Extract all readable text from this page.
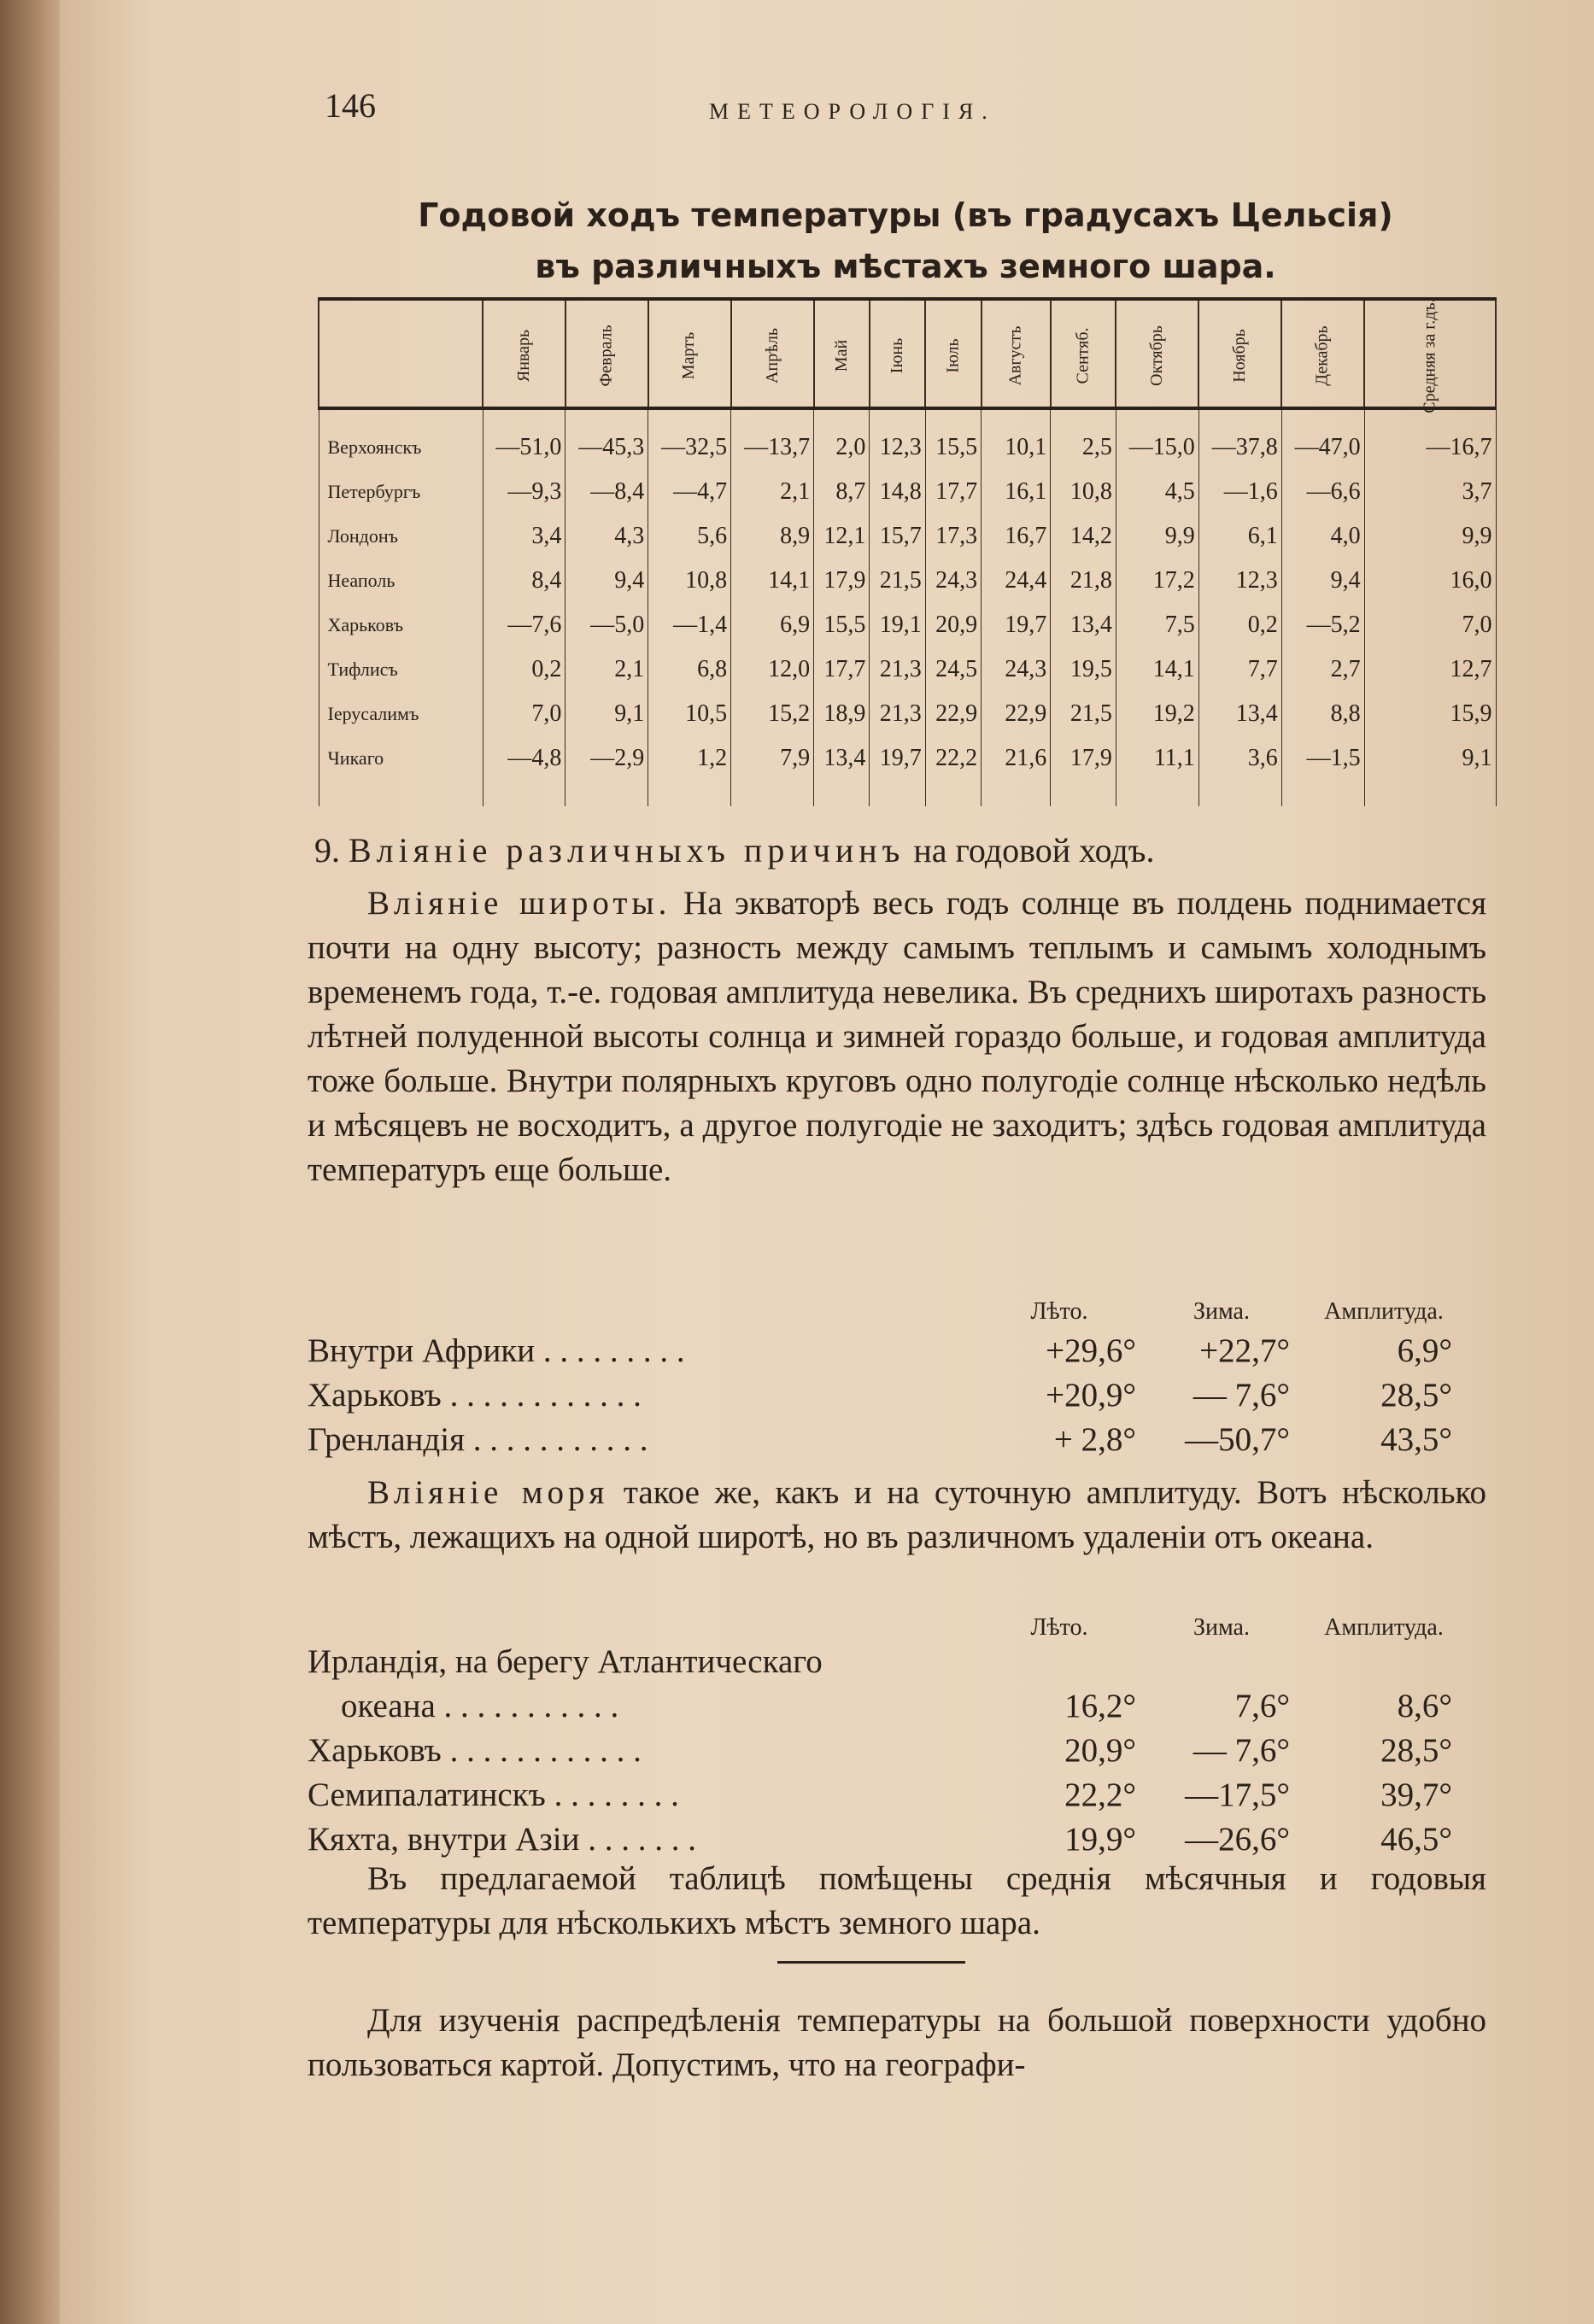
146	МЕТЕОРОЛОГІЯ.
Годовой ходъ температуры (въ градусахъ Цельсія)
въ различныхъ мѣстахъ земного шара.
	Январь	Февраль	Мартъ	Апрѣль	Май	Іюнь	Іюль	Августъ	Сентяб.	Октябрь	Ноябрь	Декабрь	Средняя за г.дъ.
Верхоянскъ	—51,0	—45,3	—32,5	—13,7	2,0	12,3	15,5	10,1	2,5	—15,0	—37,8	—47,0	—16,7
Петербургъ	—9,3	—8,4	—4,7	2,1	8,7	14,8	17,7	16,1	10,8	4,5	—1,6	—6,6	3,7
Лондонъ	3,4	4,3	5,6	8,9	12,1	15,7	17,3	16,7	14,2	9,9	6,1	4,0	9,9
Неаполь	8,4	9,4	10,8	14,1	17,9	21,5	24,3	24,4	21,8	17,2	12,3	9,4	16,0
Харьковъ	—7,6	—5,0	—1,4	6,9	15,5	19,1	20,9	19,7	13,4	7,5	0,2	—5,2	7,0
Тифлисъ	0,2	2,1	6,8	12,0	17,7	21,3	24,5	24,3	19,5	14,1	7,7	2,7	12,7
Іерусалимъ	7,0	9,1	10,5	15,2	18,9	21,3	22,9	22,9	21,5	19,2	13,4	8,8	15,9
Чикаго	—4,8	—2,9	1,2	7,9	13,4	19,7	22,2	21,6	17,9	11,1	3,6	—1,5	9,1
9. Вліяніе различныхъ причинъ на годовой ходъ.
Вліяніе широты. На экваторѣ весь годъ солнце въ полдень поднимается почти на одну высоту; разность между самымъ теплымъ и самымъ холоднымъ временемъ года, т.-е. годовая амплитуда невелика. Въ среднихъ широтахъ разность лѣтней полуденной высоты солнца и зимней гораздо больше, и годовая амплитуда тоже больше. Внутри полярныхъ круговъ одно полугодіе солнце нѣсколько недѣль и мѣсяцевъ не восходитъ, а другое полугодіе не заходитъ; здѣсь годовая амплитуда температуръ еще больше.
Лѣто.	Зима.	Амплитуда.
Внутри Африки . . . . . . . . .	+29,6°	+22,7°	6,9°
Харьковъ . . . . . . . . . . . .	+20,9°	— 7,6°	28,5°
Гренландія . . . . . . . . . . .	+ 2,8°	—50,7°	43,5°
Вліяніе моря такое же, какъ и на суточную амплитуду. Вотъ нѣсколько мѣстъ, лежащихъ на одной широтѣ, но въ различномъ удаленіи отъ океана.
Лѣто.	Зима.	Амплитуда.
Ирландія, на берегу Атлантическаго
океана . . . . . . . . . . .	16,2°	7,6°	8,6°
Харьковъ . . . . . . . . . . . .	20,9°	— 7,6°	28,5°
Семипалатинскъ . . . . . . . .	22,2°	—17,5°	39,7°
Кяхта, внутри Азіи . . . . . . .	19,9°	—26,6°	46,5°
Въ предлагаемой таблицѣ помѣщены среднія мѣсячныя и годовыя температуры для нѣсколькихъ мѣстъ земного шара.
Для изученія распредѣленія температуры на большой поверхности удобно пользоваться картой. Допустимъ, что на географи-
